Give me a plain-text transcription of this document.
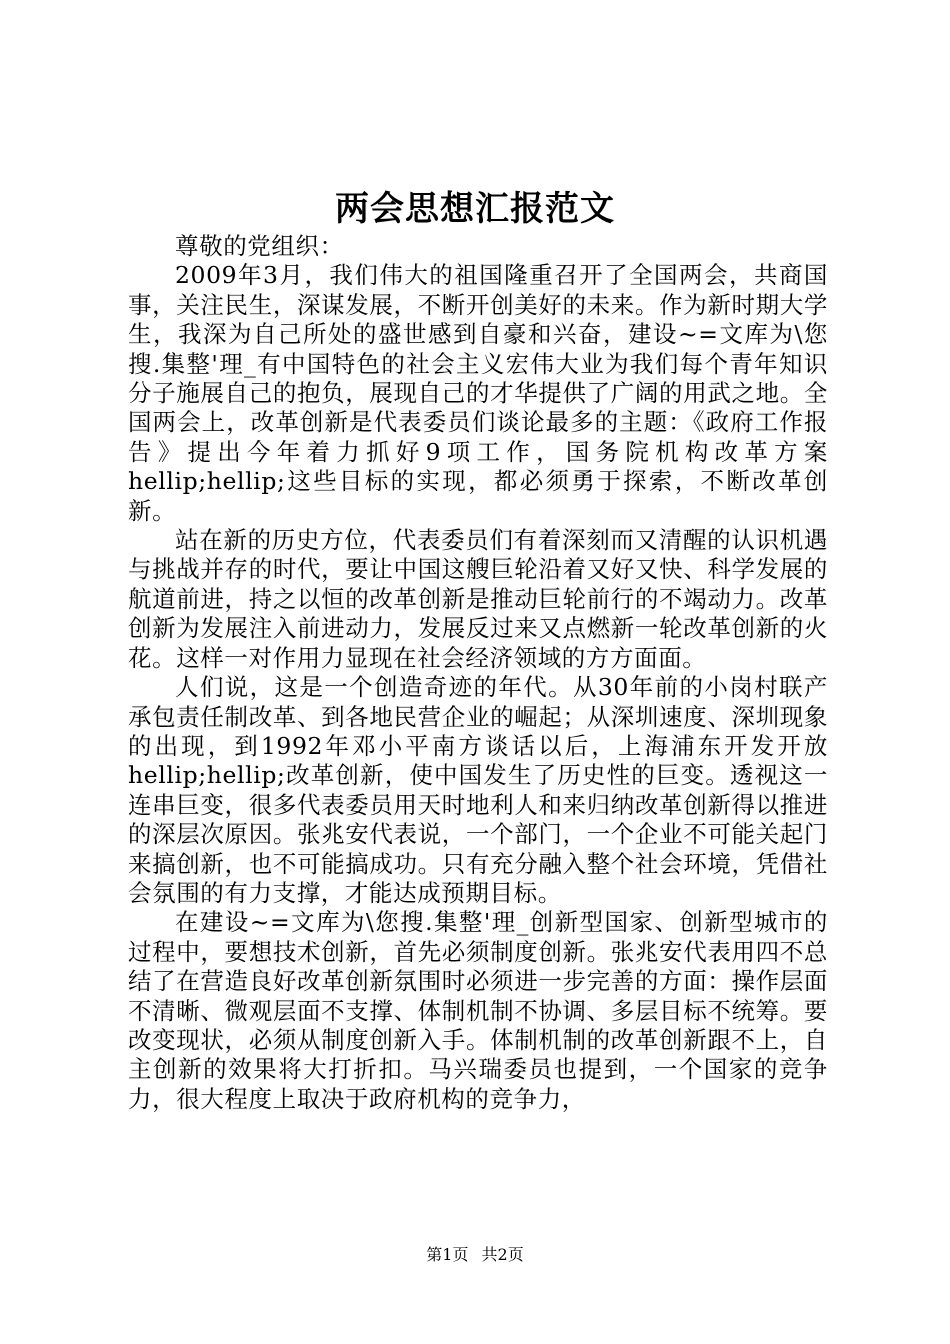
两会思想汇报范文

尊敬的党组织：

2009年3月，我们伟大的祖国隆重召开了全国两会，共商国事，关注民生，深谋发展，不断开创美好的未来。作为新时期大学生，我深为自己所处的盛世感到自豪和兴奋，建设~=文库为\您搜.集整'理_有中国特色的社会主义宏伟大业为我们每个青年知识分子施展自己的抱负，展现自己的才华提供了广阔的用武之地。全国两会上，改革创新是代表委员们谈论最多的主题：《政府工作报告》提出今年着力抓好9项工作，国务院机构改革方案hellip;hellip;这些目标的实现，都必须勇于探索，不断改革创新。

站在新的历史方位，代表委员们有着深刻而又清醒的认识机遇与挑战并存的时代，要让中国这艘巨轮沿着又好又快、科学发展的航道前进，持之以恒的改革创新是推动巨轮前行的不竭动力。改革创新为发展注入前进动力，发展反过来又点燃新一轮改革创新的火花。这样一对作用力显现在社会经济领域的方方面面。

人们说，这是一个创造奇迹的年代。从30年前的小岗村联产承包责任制改革、到各地民营企业的崛起；从深圳速度、深圳现象的出现，到1992年邓小平南方谈话以后，上海浦东开发开放hellip;hellip;改革创新，使中国发生了历史性的巨变。透视这一连串巨变，很多代表委员用天时地利人和来归纳改革创新得以推进的深层次原因。张兆安代表说，一个部门，一个企业不可能关起门来搞创新，也不可能搞成功。只有充分融入整个社会环境，凭借社会氛围的有力支撑，才能达成预期目标。

在建设~=文库为\您搜.集整'理_创新型国家、创新型城市的过程中，要想技术创新，首先必须制度创新。张兆安代表用四不总结了在营造良好改革创新氛围时必须进一步完善的方面：操作层面不清晰、微观层面不支撑、体制机制不协调、多层目标不统筹。要改变现状，必须从制度创新入手。体制机制的改革创新跟不上，自主创新的效果将大打折扣。马兴瑞委员也提到，一个国家的竞争力，很大程度上取决于政府机构的竞争力，

第1页 共2页
